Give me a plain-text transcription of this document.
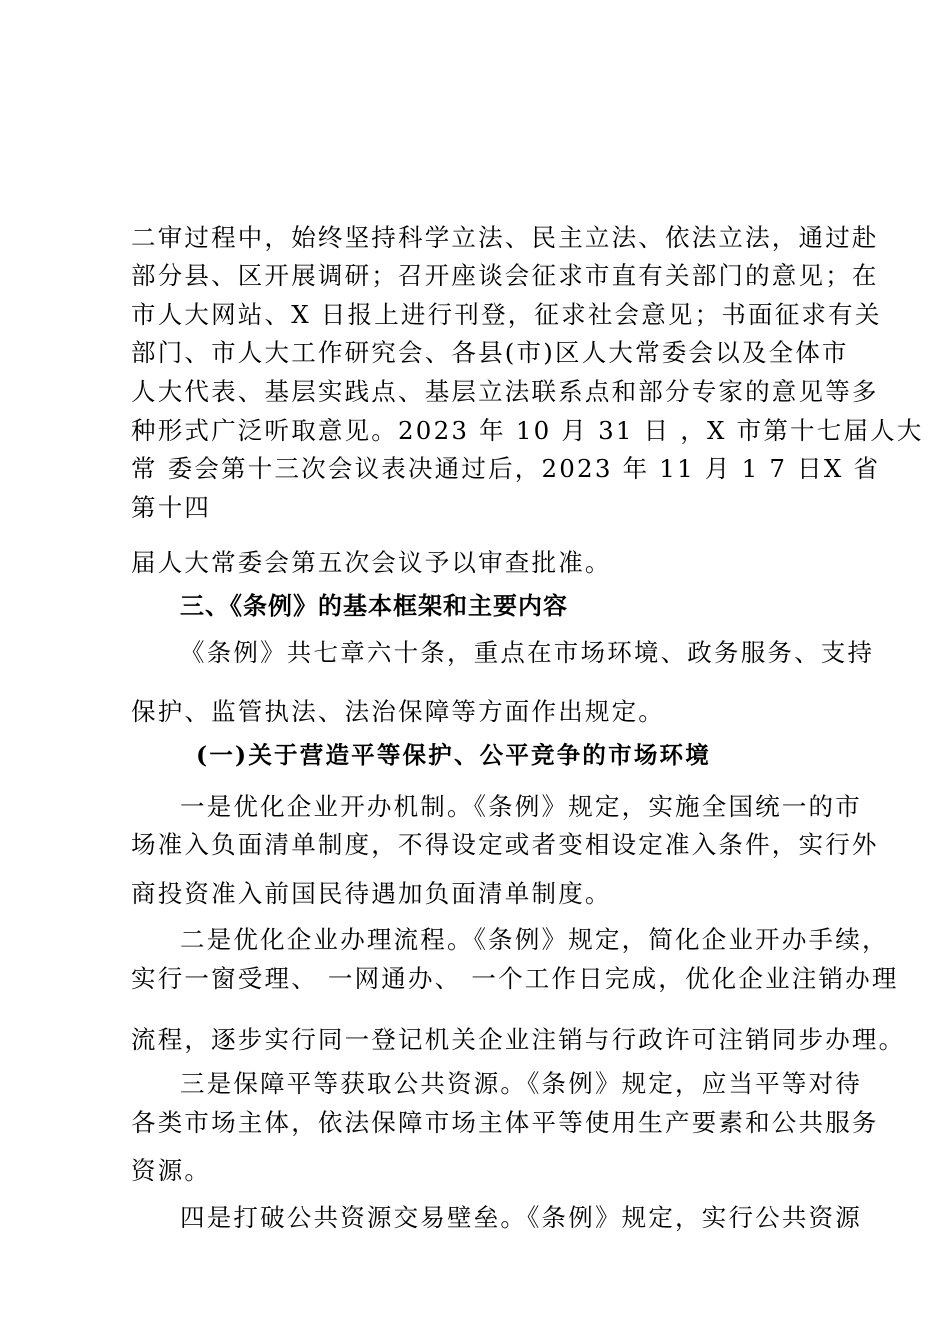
二审过程中，始终坚持科学立法、民主立法、依法立法，通过赴
部分县、区开展调研；召开座谈会征求市直有关部门的意见；在
市人大网站、X 日报上进行刊登，征求社会意见；书面征求有关
部门、市人大工作研究会、各县(市)区人大常委会以及全体市
人大代表、基层实践点、基层立法联系点和部分专家的意见等多
种形式广泛听取意见。2023 年 10 月 31 日 ，X 市第十七届人大
常 委会第十三次会议表决通过后，2023 年 11 月 1 7 日X 省
第十四
届人大常委会第五次会议予以审查批准。
三、《条例》的基本框架和主要内容
《条例》共七章六十条，重点在市场环境、政务服务、支持
保护、监管执法、法治保障等方面作出规定。
(一)关于营造平等保护、公平竞争的市场环境
一是优化企业开办机制。《条例》规定，实施全国统一的市
场准入负面清单制度，不得设定或者变相设定准入条件，实行外
商投资准入前国民待遇加负面清单制度。
二是优化企业办理流程。《条例》规定，简化企业开办手续，
实行一窗受理、 一网通办、 一个工作日完成，优化企业注销办理
流程，逐步实行同一登记机关企业注销与行政许可注销同步办理。
三是保障平等获取公共资源。《条例》规定，应当平等对待
各类市场主体，依法保障市场主体平等使用生产要素和公共服务
资源。
四是打破公共资源交易壁垒。《条例》规定，实行公共资源
